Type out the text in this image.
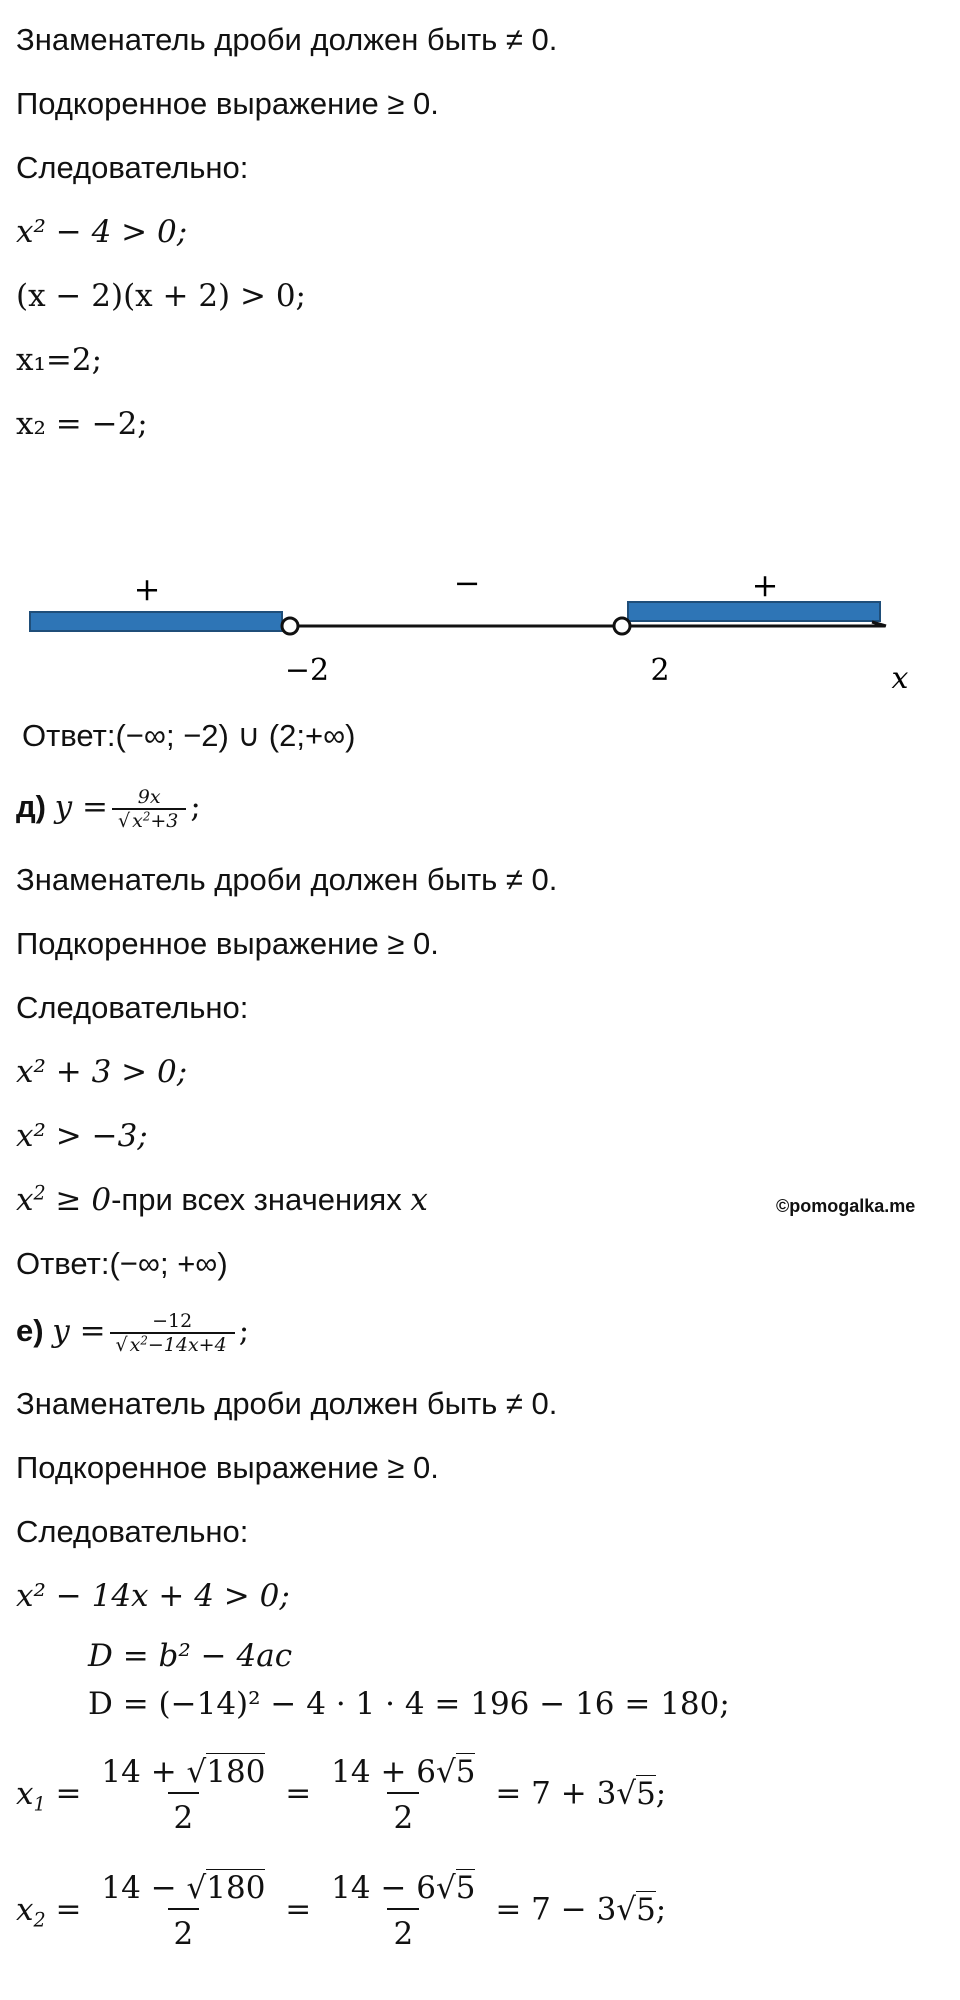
Знаменатель дроби должен быть ≠ 0.
Подкоренное выражение ≥ 0.
Следовательно:
x² − 4 > 0;
(x − 2)(x + 2) > 0;
x₁=2;
x₂ = −2;
+	−	+
−2	2	x
Ответ:(−∞; −2) ∪ (2;+∞)
д) $y = \frac{9x}{√ x^2+3}$ ;
Знаменатель дроби должен быть ≠ 0.
Подкоренное выражение ≥ 0.
Следовательно:
x² + 3 > 0;
x² > −3;
$x^2 \ge 0-при$ всех значениях x	©pomogalka.me
Ответ:(−∞; +∞)
е) $y = \frac{-12}{√ x^2-14x+4}$ ;
Знаменатель дроби должен быть ≠ 0.
Подкоренное выражение ≥ 0.
Следовательно:
x² − 14x + 4 > 0;
D = b² − 4ac
D = (−14)² − 4 · 1 · 4 = 196 − 16 = 180;
$x_1 = \frac{14 + √180}{2} = \frac{14 + 6√5}{2} = 7 + 3√5$;
$x_2 = \frac{14 - √180}{2} = \frac{14 - 6√5}{2} = 7 - 3√5$;
